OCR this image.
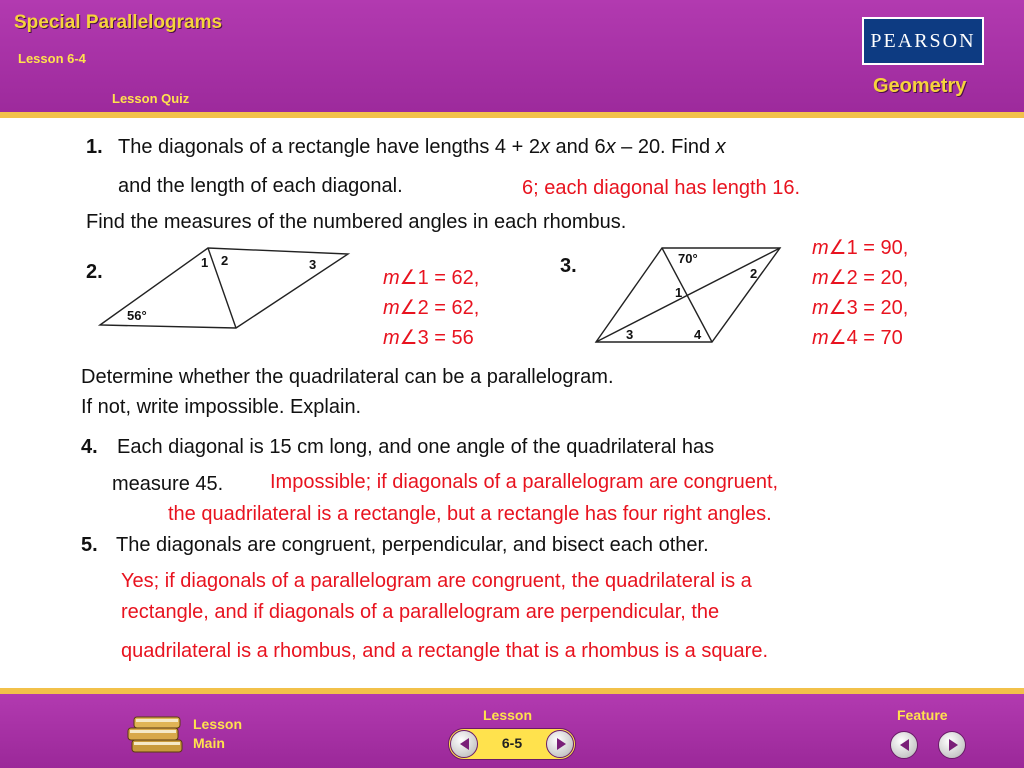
Special Parallelograms
Lesson 6-4
Lesson Quiz
PEARSON
Geometry
1. The diagonals of a rectangle have lengths 4 + 2x and 6x – 20. Find x
and the length of each diagonal.	6; each diagonal has length 16.
Find the measures of the numbered angles in each rhombus.
2.	1 2	3
56°
m∠1 = 62,
m∠2 = 62,
m∠3 = 56
3.	70°
2
1
3	4
m∠1 = 90,
m∠2 = 20,
m∠3 = 20,
m∠4 = 70
Determine whether the quadrilateral can be a parallelogram.
If not, write impossible. Explain.
4. Each diagonal is 15 cm long, and one angle of the quadrilateral has
measure 45. Impossible; if diagonals of a parallelogram are congruent,
the quadrilateral is a rectangle, but a rectangle has four right angles.
5. The diagonals are congruent, perpendicular, and bisect each other.
Yes; if diagonals of a parallelogram are congruent, the quadrilateral is a
rectangle, and if diagonals of a parallelogram are perpendicular, the
quadrilateral is a rhombus, and a rectangle that is a rhombus is a square.
Lesson
Main
Lesson
6-5
Feature
